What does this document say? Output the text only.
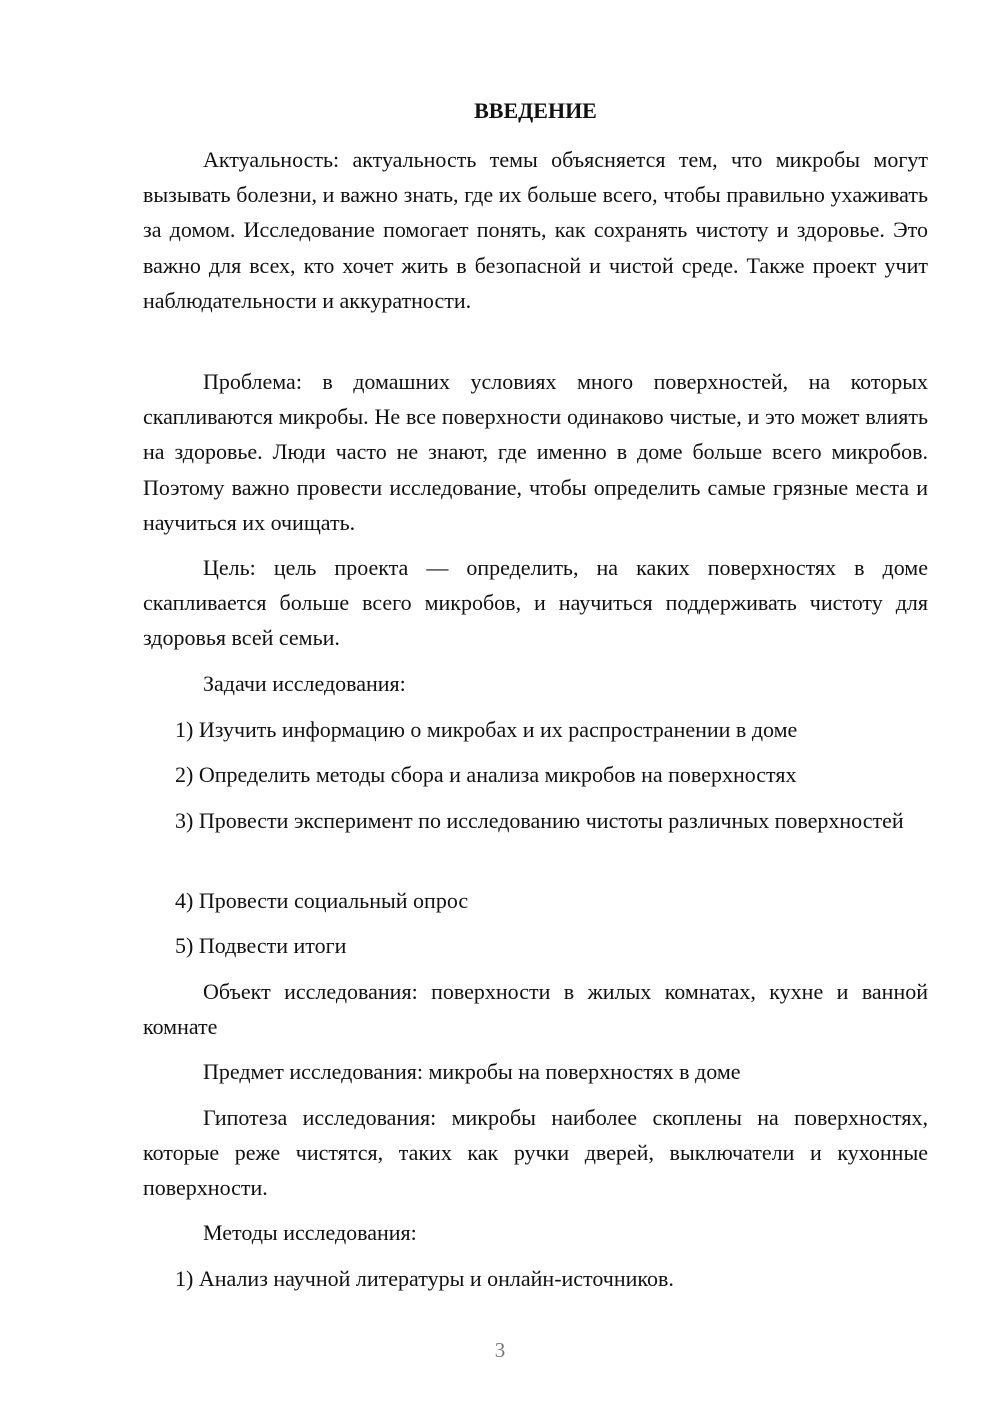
ВВЕДЕНИЕ

Актуальность: актуальность темы объясняется тем, что микробы могут вызывать болезни, и важно знать, где их больше всего, чтобы правильно ухаживать за домом. Исследование помогает понять, как сохранять чистоту и здоровье. Это важно для всех, кто хочет жить в безопасной и чистой среде. Также проект учит наблюдательности и аккуратности.

Проблема: в домашних условиях много поверхностей, на которых скапливаются микробы. Не все поверхности одинаково чистые, и это может влиять на здоровье. Люди часто не знают, где именно в доме больше всего микробов. Поэтому важно провести исследование, чтобы определить самые грязные места и научиться их очищать.

Цель: цель проекта — определить, на каких поверхностях в доме скапливается больше всего микробов, и научиться поддерживать чистоту для здоровья всей семьи.

Задачи исследования:

1) Изучить информацию о микробах и их распространении в доме

2) Определить методы сбора и анализа микробов на поверхностях

3) Провести эксперимент по исследованию чистоты различных поверхностей

4) Провести социальный опрос

5) Подвести итоги

Объект исследования: поверхности в жилых комнатах, кухне и ванной комнате

Предмет исследования: микробы на поверхностях в доме

Гипотеза исследования: микробы наиболее скоплены на поверхностях, которые реже чистятся, таких как ручки дверей, выключатели и кухонные поверхности.

Методы исследования:

1) Анализ научной литературы и онлайн-источников.

3
